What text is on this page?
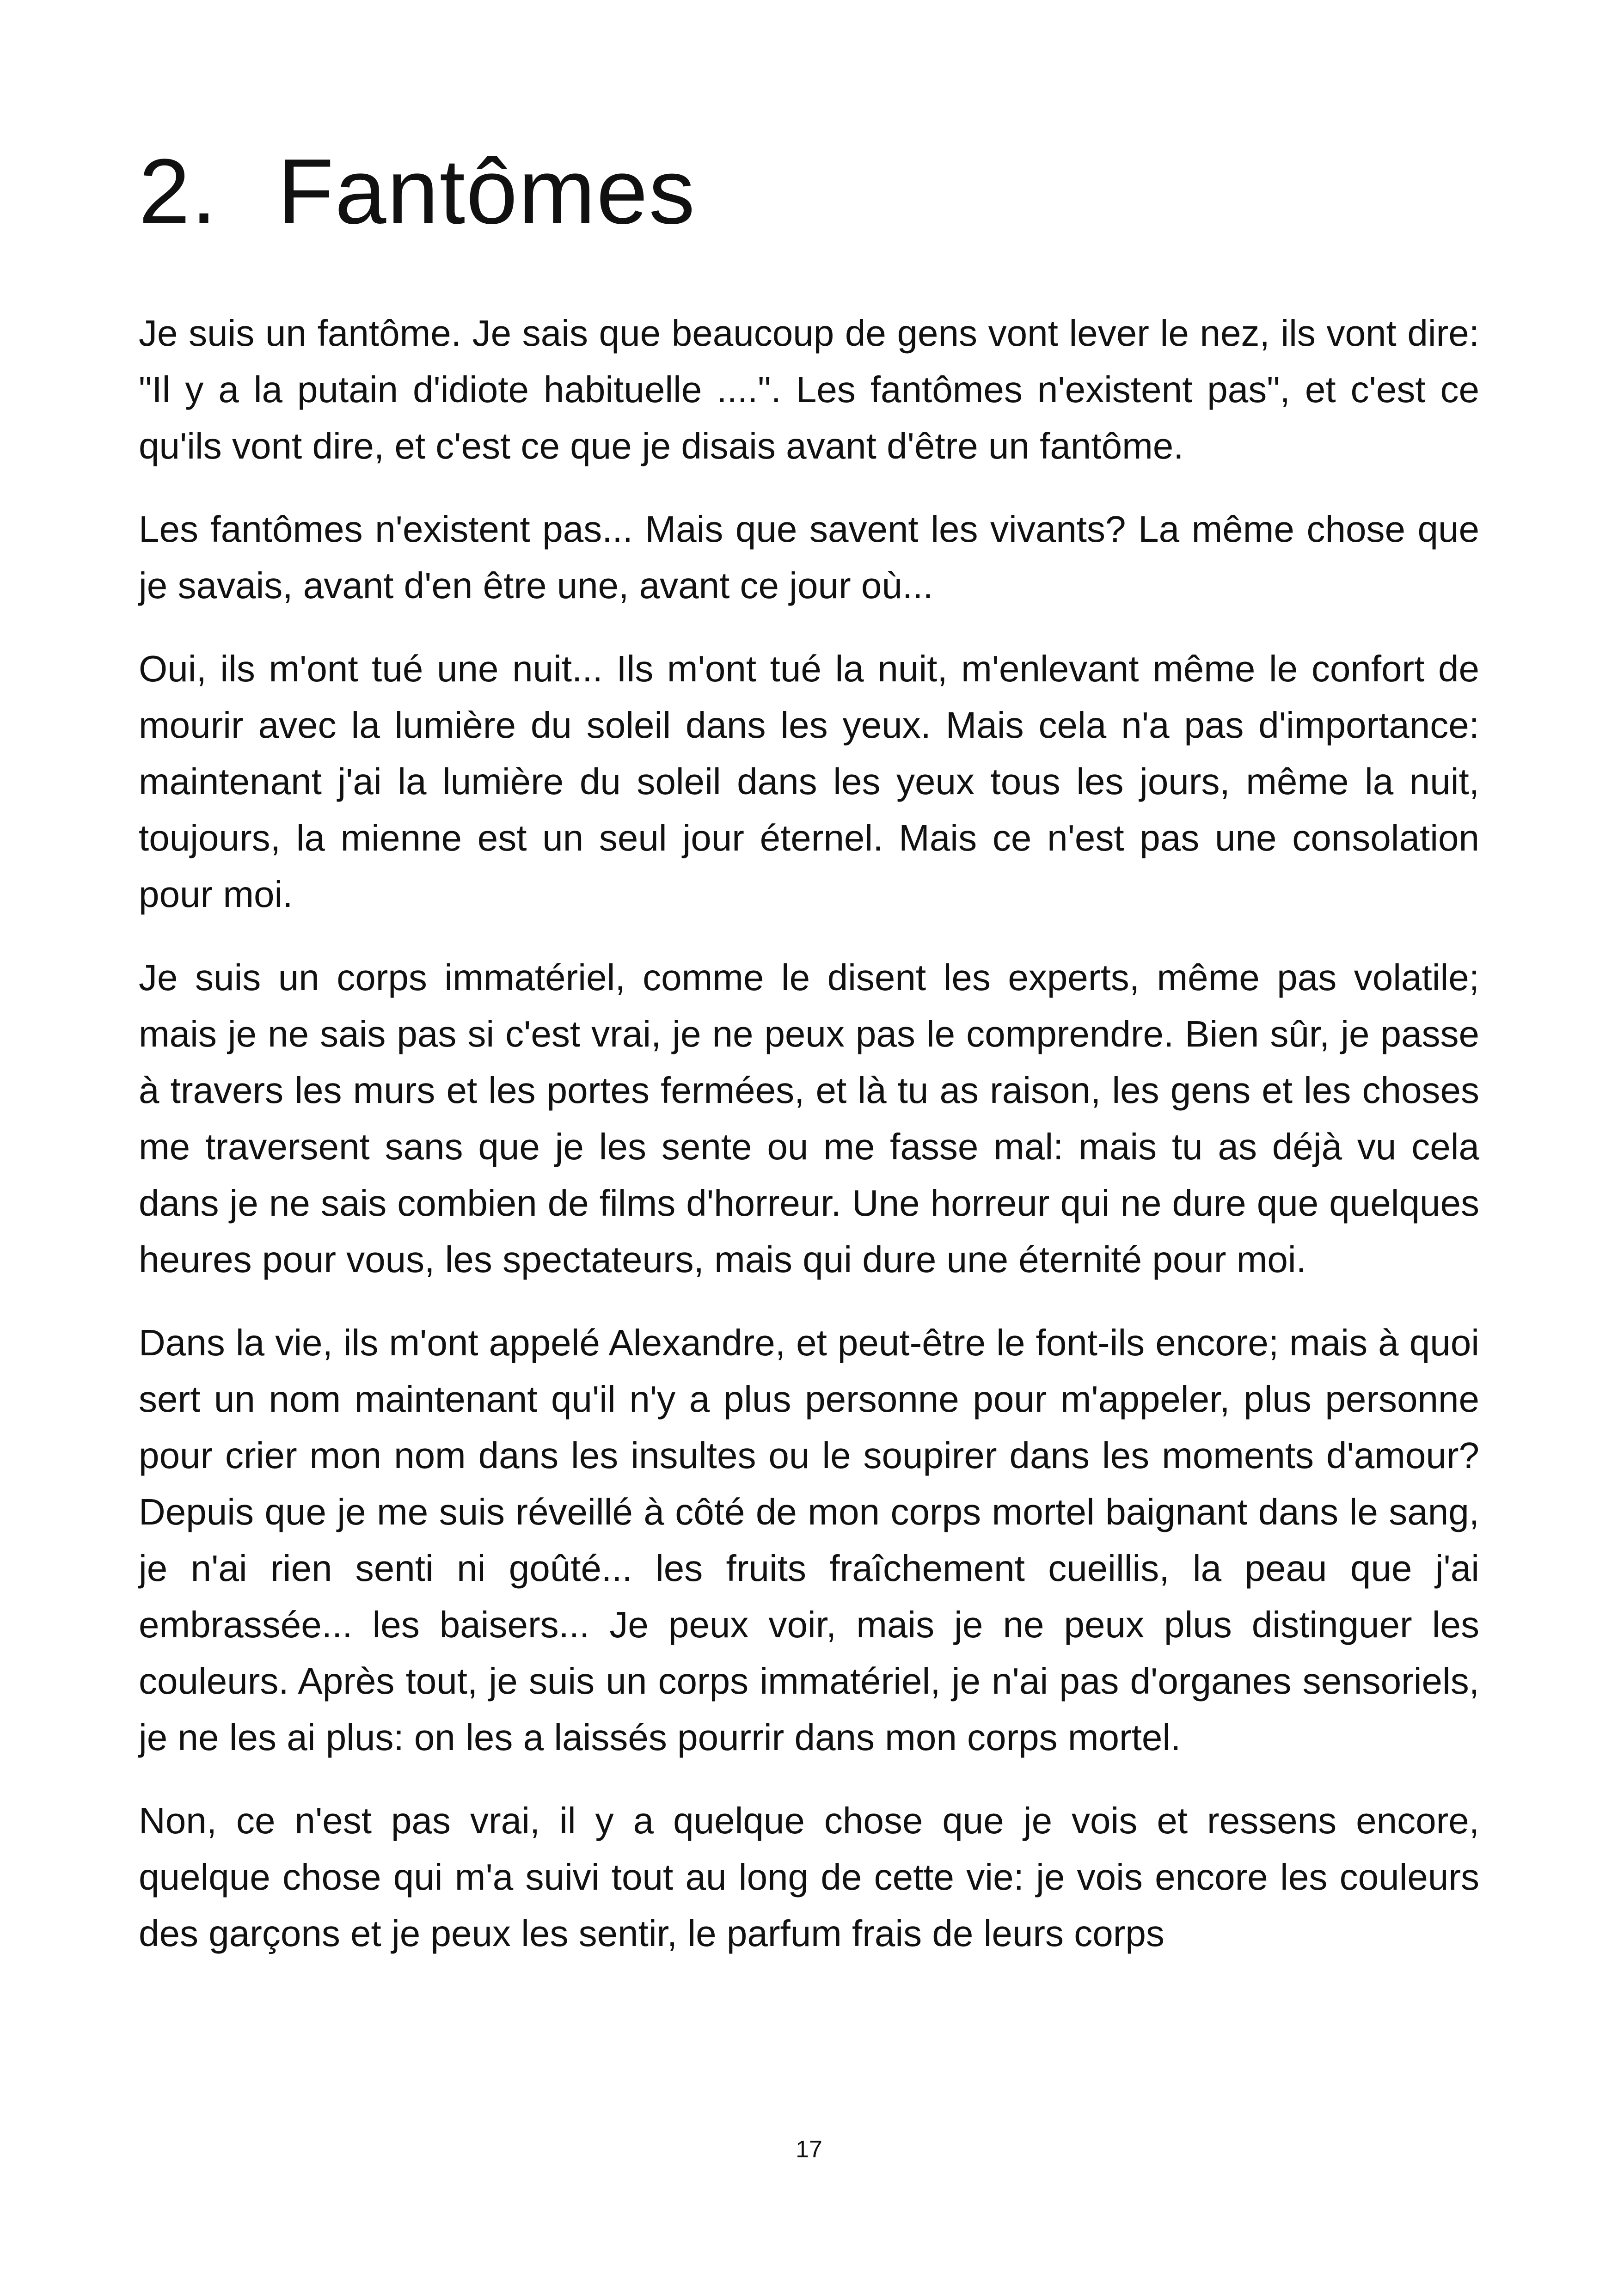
2. Fantômes

Je suis un fantôme. Je sais que beaucoup de gens vont lever le nez, ils vont dire: "Il y a la putain d'idiote habituelle ....". Les fantômes n'existent pas", et c'est ce qu'ils vont dire, et c'est ce que je disais avant d'être un fantôme.

Les fantômes n'existent pas... Mais que savent les vivants? La même chose que je savais, avant d'en être une, avant ce jour où...

Oui, ils m'ont tué une nuit... Ils m'ont tué la nuit, m'enlevant même le confort de mourir avec la lumière du soleil dans les yeux. Mais cela n'a pas d'importance: maintenant j'ai la lumière du soleil dans les yeux tous les jours, même la nuit, toujours, la mienne est un seul jour éternel. Mais ce n'est pas une consolation pour moi.

Je suis un corps immatériel, comme le disent les experts, même pas volatile; mais je ne sais pas si c'est vrai, je ne peux pas le comprendre. Bien sûr, je passe à travers les murs et les portes fermées, et là tu as raison, les gens et les choses me traversent sans que je les sente ou me fasse mal: mais tu as déjà vu cela dans je ne sais combien de films d'horreur. Une horreur qui ne dure que quelques heures pour vous, les spectateurs, mais qui dure une éternité pour moi.

Dans la vie, ils m'ont appelé Alexandre, et peut-être le font-ils encore; mais à quoi sert un nom maintenant qu'il n'y a plus personne pour m'appeler, plus personne pour crier mon nom dans les insultes ou le soupirer dans les moments d'amour? Depuis que je me suis réveillé à côté de mon corps mortel baignant dans le sang, je n'ai rien senti ni goûté... les fruits fraîchement cueillis, la peau que j'ai embrassée... les baisers... Je peux voir, mais je ne peux plus distinguer les couleurs. Après tout, je suis un corps immatériel, je n'ai pas d'organes sensoriels, je ne les ai plus: on les a laissés pourrir dans mon corps mortel.

Non, ce n'est pas vrai, il y a quelque chose que je vois et ressens encore, quelque chose qui m'a suivi tout au long de cette vie: je vois encore les couleurs des garçons et je peux les sentir, le parfum frais de leurs corps

17
